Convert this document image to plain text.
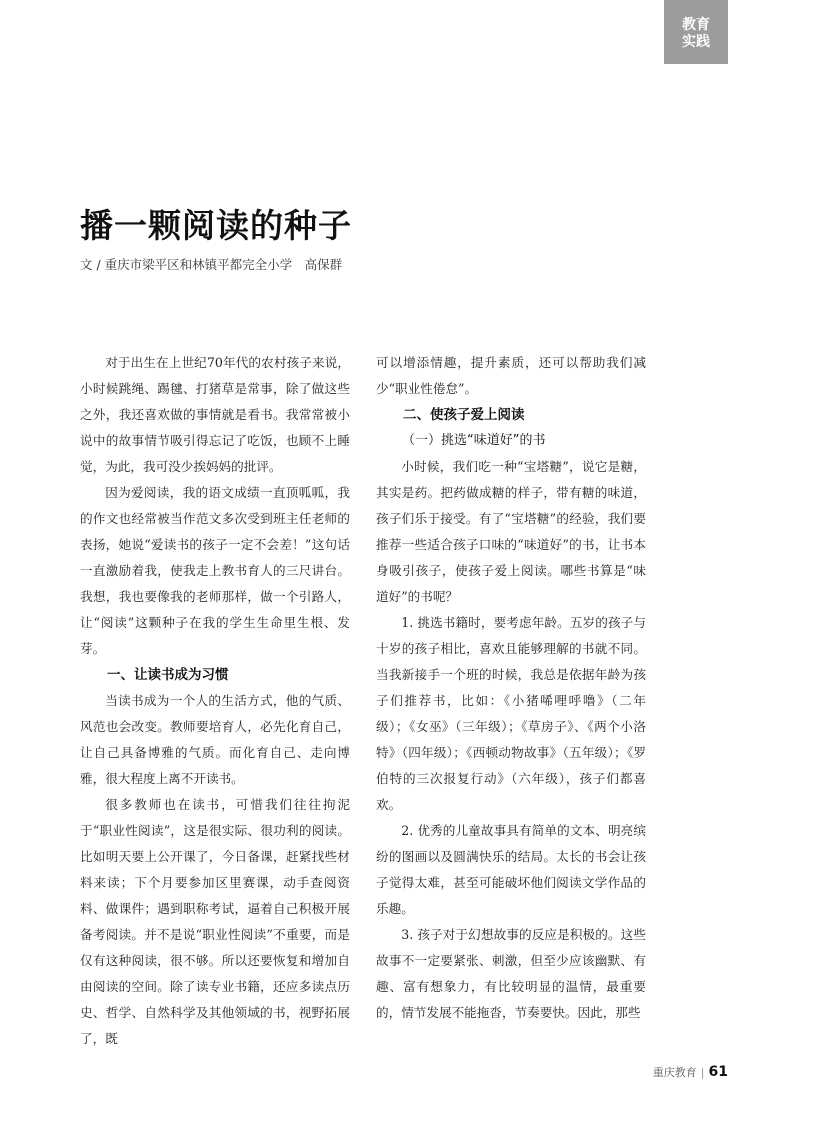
教育
实践
播一颗阅读的种子
文 / 重庆市梁平区和林镇平都完全小学　高保群

对于出生在上世纪70年代的农村孩子来说，小时候跳绳、踢毽、打猪草是常事，除了做这些之外，我还喜欢做的事情就是看书。我常常被小说中的故事情节吸引得忘记了吃饭，也顾不上睡觉，为此，我可没少挨妈妈的批评。

因为爱阅读，我的语文成绩一直顶呱呱，我的作文也经常被当作范文多次受到班主任老师的表扬，她说“爱读书的孩子一定不会差！”这句话一直激励着我，使我走上教书育人的三尺讲台。我想，我也要像我的老师那样，做一个引路人，让“阅读”这颗种子在我的学生生命里生根、发芽。

一、让读书成为习惯

当读书成为一个人的生活方式，他的气质、风范也会改变。教师要培育人，必先化育自己，让自己具备博雅的气质。而化育自己、走向博雅，很大程度上离不开读书。

很多教师也在读书，可惜我们往往拘泥于“职业性阅读”，这是很实际、很功利的阅读。比如明天要上公开课了，今日备课，赶紧找些材料来读；下个月要参加区里赛课，动手查阅资料、做课件；遇到职称考试，逼着自己积极开展备考阅读。并不是说“职业性阅读”不重要，而是仅有这种阅读，很不够。所以还要恢复和增加自由阅读的空间。除了读专业书籍，还应多读点历史、哲学、自然科学及其他领域的书，视野拓展了，既

可以增添情趣，提升素质，还可以帮助我们减少“职业性倦怠”。

二、使孩子爱上阅读
（一）挑选“味道好”的书

小时候，我们吃一种“宝塔糖”，说它是糖，其实是药。把药做成糖的样子，带有糖的味道，孩子们乐于接受。有了“宝塔糖”的经验，我们要推荐一些适合孩子口味的“味道好”的书，让书本身吸引孩子，使孩子爱上阅读。哪些书算是“味道好”的书呢？

1. 挑选书籍时，要考虑年龄。五岁的孩子与十岁的孩子相比，喜欢且能够理解的书就不同。当我新接手一个班的时候，我总是依据年龄为孩子们推荐书，比如：《小猪唏哩呼噜》（二年级）；《女巫》（三年级）；《草房子》、《两个小洛特》（四年级）；《西顿动物故事》（五年级）；《罗伯特的三次报复行动》（六年级），孩子们都喜欢。

2. 优秀的儿童故事具有简单的文本、明亮缤纷的图画以及圆满快乐的结局。太长的书会让孩子觉得太难，甚至可能破坏他们阅读文学作品的乐趣。

3. 孩子对于幻想故事的反应是积极的。这些故事不一定要紧张、刺激，但至少应该幽默、有趣、富有想象力，有比较明显的温情，最重要的，情节发展不能拖沓，节奏要快。因此，那些

重庆教育 | 61
